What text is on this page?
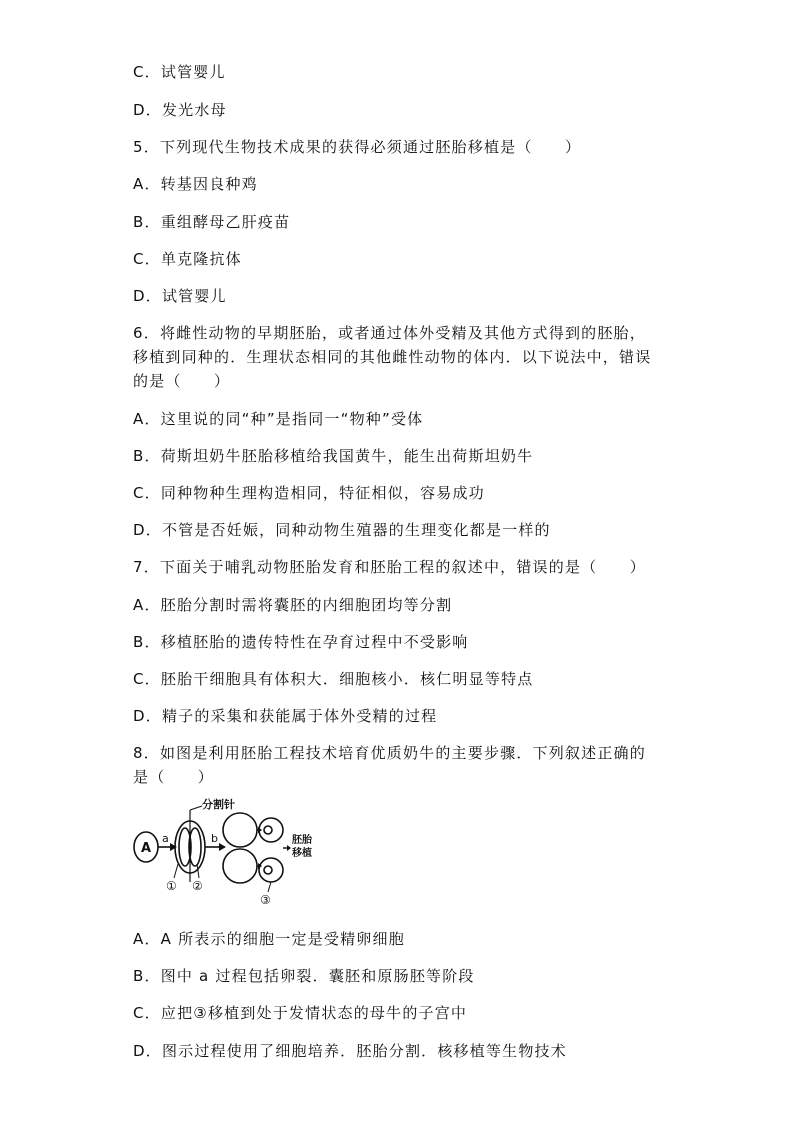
C．试管婴儿
D．发光水母
5．下列现代生物技术成果的获得必须通过胚胎移植是（　　）
A．转基因良种鸡
B．重组酵母乙肝疫苗
C．单克隆抗体
D．试管婴儿
6．将雌性动物的早期胚胎，或者通过体外受精及其他方式得到的胚胎，
移植到同种的．生理状态相同的其他雌性动物的体内．以下说法中，错误
的是（　　）
A．这里说的同“种”是指同一“物种”受体
B．荷斯坦奶牛胚胎移植给我国黄牛，能生出荷斯坦奶牛
C．同种物种生理构造相同，特征相似，容易成功
D．不管是否妊娠，同种动物生殖器的生理变化都是一样的
7．下面关于哺乳动物胚胎发育和胚胎工程的叙述中，错误的是（　　）
A．胚胎分割时需将囊胚的内细胞团均等分割
B．移植胚胎的遗传特性在孕育过程中不受影响
C．胚胎干细胞具有体积大．细胞核小．核仁明显等特点
D．精子的采集和获能属于体外受精的过程
8．如图是利用胚胎工程技术培育优质奶牛的主要步骤．下列叙述正确的
是（　　）
A
a	b
分割针
胚胎
移植
① ②
③
A．A 所表示的细胞一定是受精卵细胞
B．图中 a 过程包括卵裂．囊胚和原肠胚等阶段
C．应把③移植到处于发情状态的母牛的子宫中
D．图示过程使用了细胞培养．胚胎分割．核移植等生物技术
